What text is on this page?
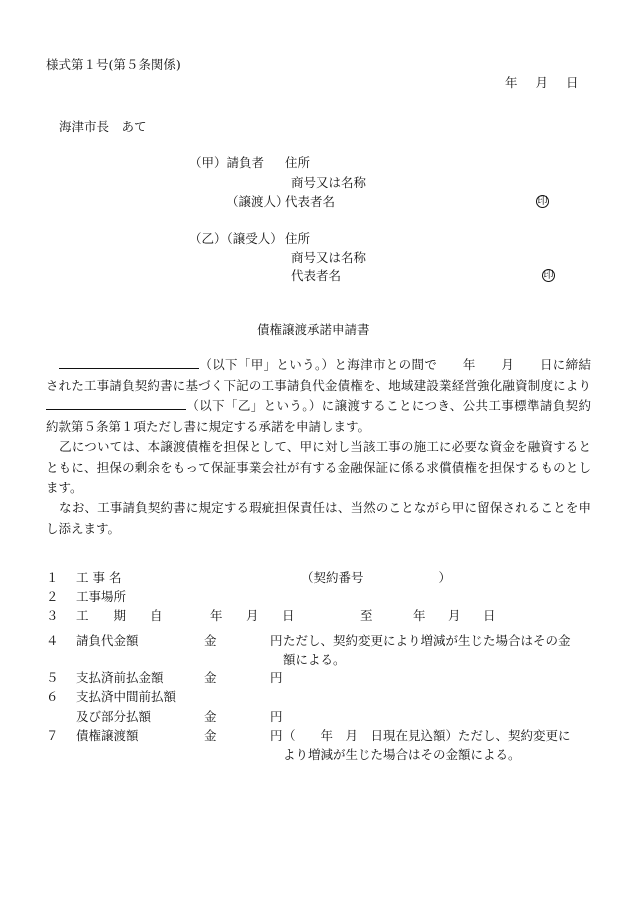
様式第１号(第５条関係)
年 月 日
海津市長　あて
（甲）請負者 住所
商号又は名称
（譲渡人）
代表者名	印
（乙）（譲受人） 住所
商号又は名称
代表者名	印
債権譲渡承諾申請書
（以下「甲」という。）と海津市との間で　　年　　月　　日に締結された工事請負契約書に基づく下記の工事請負代金債権を、地域建設業経営強化融資制度により（以下「乙」という。）に譲渡することにつき、公共工事標準請負契約約款第５条第１項ただし書に規定する承諾を申請します。
乙については、本譲渡債権を担保として、甲に対し当該工事の施工に必要な資金を融資するとともに、担保の剰余をもって保証事業会社が有する金融保証に係る求償債権を担保するものとします。
なお、工事請負契約書に規定する瑕疵担保責任は、当然のことながら甲に留保されることを申し添えます。
１ 工 事 名	（契約番号　　　　　　）
２ 工事場所
３ 工　　期 自	年 月 日	至	年 月 日
４ 請負代金額	金	円 ただし、契約変更により増減が生じた場合はその金
額による。
５ 支払済前払金額	金	円
６ 支払済中間前払額
及び部分払額	金	円
７ 債権譲渡額	金	円 （　　年　月　日現在見込額）ただし、契約変更に
より増減が生じた場合はその金額による。
